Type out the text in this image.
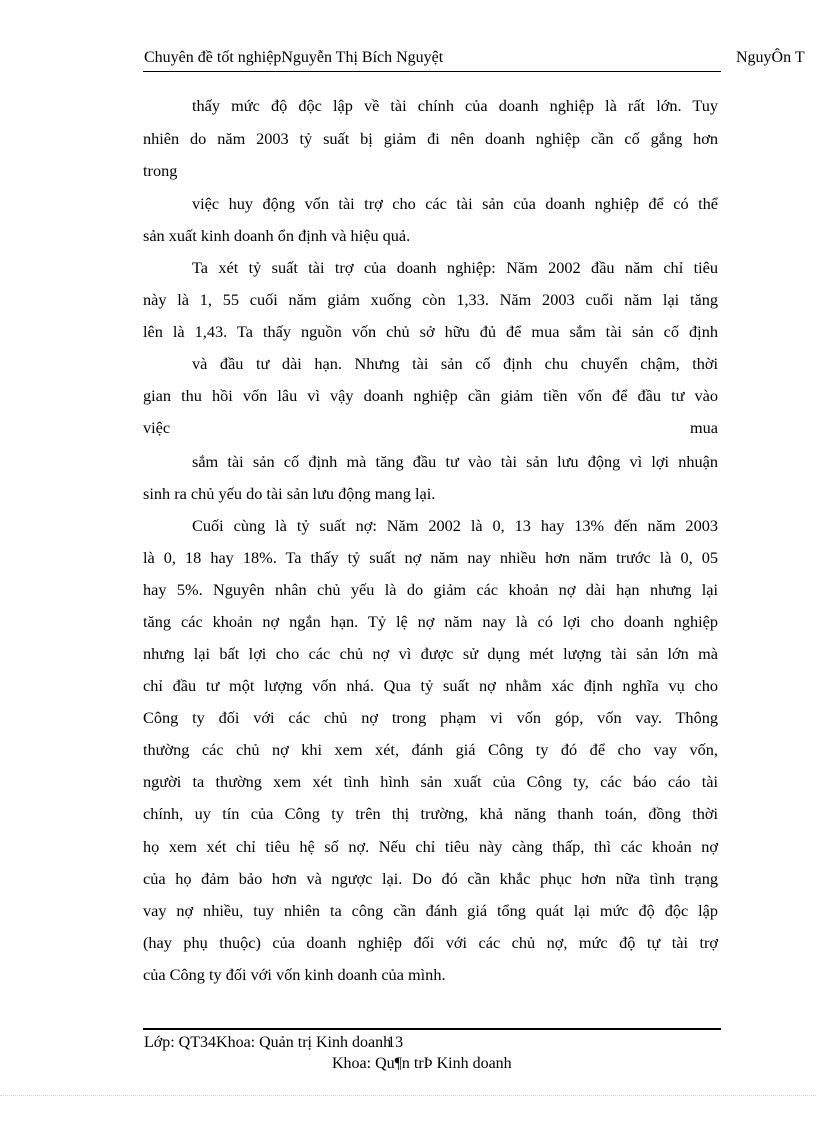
Chuyên đề tốt nghiệpNguyễn Thị Bích Nguyệt	NguyÔn T
thấy mức độ độc lập về tài chính của doanh nghiệp là rất lớn. Tuy
nhiên do năm 2003 tỷ suất bị giảm đi nên doanh nghiệp cần cố gắng hơn
trong
việc huy động vốn tài trợ cho các tài sản của doanh nghiệp để có thể
sản xuất kinh doanh ổn định và hiệu quả.
Ta xét tỷ suất tài trợ của doanh nghiệp: Năm 2002 đầu năm chỉ tiêu
này là 1, 55 cuối năm giảm xuống còn 1,33. Năm 2003 cuối năm lại tăng
lên là 1,43. Ta thấy nguồn vốn chủ sở hữu đủ để mua sắm tài sản cố định
và đầu tư dài hạn. Nhưng tài sản cố định chu chuyển chậm, thời
gian thu hồi vốn lâu vì vậy doanh nghiệp cần giảm tiền vốn để đầu tư vào
việc	mua
sắm tài sản cố định mà tăng đầu tư vào tài sản lưu động vì lợi nhuận
sinh ra chủ yếu do tài sản lưu động mang lại.
Cuối cùng là tỷ suất nợ: Năm 2002 là 0, 13 hay 13% đến năm 2003
là 0, 18 hay 18%. Ta thấy tỷ suất nợ năm nay nhiều hơn năm trước là 0, 05
hay 5%. Nguyên nhân chủ yếu là do giảm các khoản nợ dài hạn nhưng lại
tăng các khoản nợ ngắn hạn. Tỷ lệ nợ năm nay là có lợi cho doanh nghiệp
nhưng lại bất lợi cho các chủ nợ vì được sử dụng mét lượng tài sản lớn mà
chỉ đầu tư một lượng vốn nhá. Qua tỷ suất nợ nhằm xác định nghĩa vụ cho
Công ty đối với các chủ nợ trong phạm vi vốn góp, vốn vay. Thông
thường các chủ nợ khi xem xét, đánh giá Công ty đó để cho vay vốn,
người ta thường xem xét tình hình sản xuất của Công ty, các báo cáo tài
chính, uy tín của Công ty trên thị trường, khả năng thanh toán, đồng thời
họ xem xét chỉ tiêu hệ số nợ. Nếu chỉ tiêu này càng thấp, thì các khoản nợ
của họ đảm bảo hơn và ngược lại. Do đó cần khắc phục hơn nữa tình trạng
vay nợ nhiều, tuy nhiên ta công cần đánh giá tổng quát lại mức độ độc lập
(hay phụ thuộc) của doanh nghiệp đối với các chủ nợ, mức độ tự tài trợ
của Công ty đối với vốn kinh doanh của mình.
Lớp: QT34Khoa: Quản trị Kinh doanh13
Khoa: Qu¶n trÞ Kinh doanh
